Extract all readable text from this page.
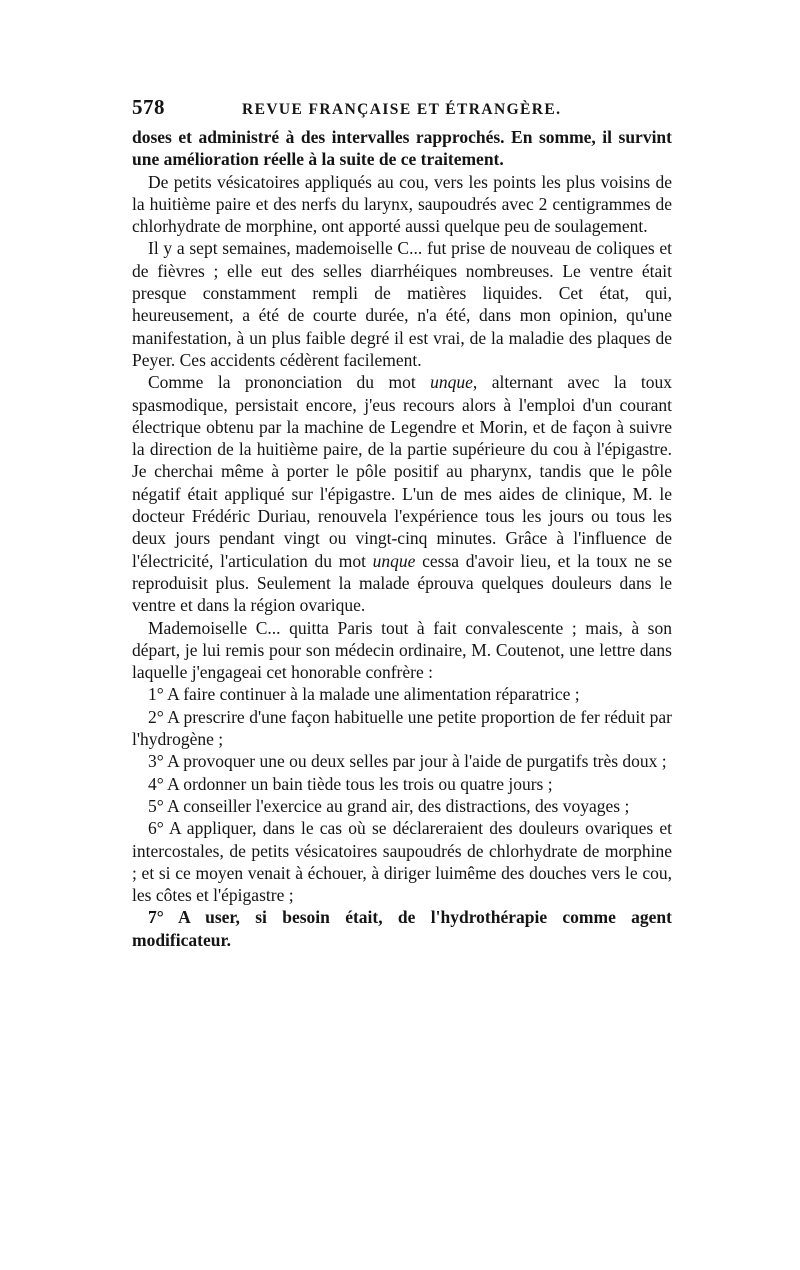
578	REVUE FRANÇAISE ET ÉTRANGÈRE.

doses et administré à des intervalles rapprochés. En somme, il survint une amélioration réelle à la suite de ce traitement.

De petits vésicatoires appliqués au cou, vers les points les plus voisins de la huitième paire et des nerfs du larynx, saupoudrés avec 2 centigrammes de chlorhydrate de morphine, ont apporté aussi quelque peu de soulagement.

Il y a sept semaines, mademoiselle C... fut prise de nouveau de coliques et de fièvres ; elle eut des selles diarrhéiques nombreuses. Le ventre était presque constamment rempli de matières liquides. Cet état, qui, heureusement, a été de courte durée, n'a été, dans mon opinion, qu'une manifestation, à un plus faible degré il est vrai, de la maladie des plaques de Peyer. Ces accidents cédèrent facilement.

Comme la prononciation du mot unque, alternant avec la toux spasmodique, persistait encore, j'eus recours alors à l'emploi d'un courant électrique obtenu par la machine de Legendre et Morin, et de façon à suivre la direction de la huitième paire, de la partie supérieure du cou à l'épigastre. Je cherchai même à porter le pôle positif au pharynx, tandis que le pôle négatif était appliqué sur l'épigastre. L'un de mes aides de clinique, M. le docteur Frédéric Duriau, renouvela l'expérience tous les jours ou tous les deux jours pendant vingt ou vingt-cinq minutes. Grâce à l'influence de l'électricité, l'articulation du mot unque cessa d'avoir lieu, et la toux ne se reproduisit plus. Seulement la malade éprouva quelques douleurs dans le ventre et dans la région ovarique.

Mademoiselle C... quitta Paris tout à fait convalescente ; mais, à son départ, je lui remis pour son médecin ordinaire, M. Coutenot, une lettre dans laquelle j'engageai cet honorable confrère :

1° A faire continuer à la malade une alimentation réparatrice ;

2° A prescrire d'une façon habituelle une petite proportion de fer réduit par l'hydrogène ;

3° A provoquer une ou deux selles par jour à l'aide de purgatifs très doux ;

4° A ordonner un bain tiède tous les trois ou quatre jours ;

5° A conseiller l'exercice au grand air, des distractions, des voyages ;

6° A appliquer, dans le cas où se déclareraient des douleurs ovariques et intercostales, de petits vésicatoires saupoudrés de chlorhydrate de morphine ; et si ce moyen venait à échouer, à diriger luimême des douches vers le cou, les côtes et l'épigastre ;

7° A user, si besoin était, de l'hydrothérapie comme agent modificateur.
